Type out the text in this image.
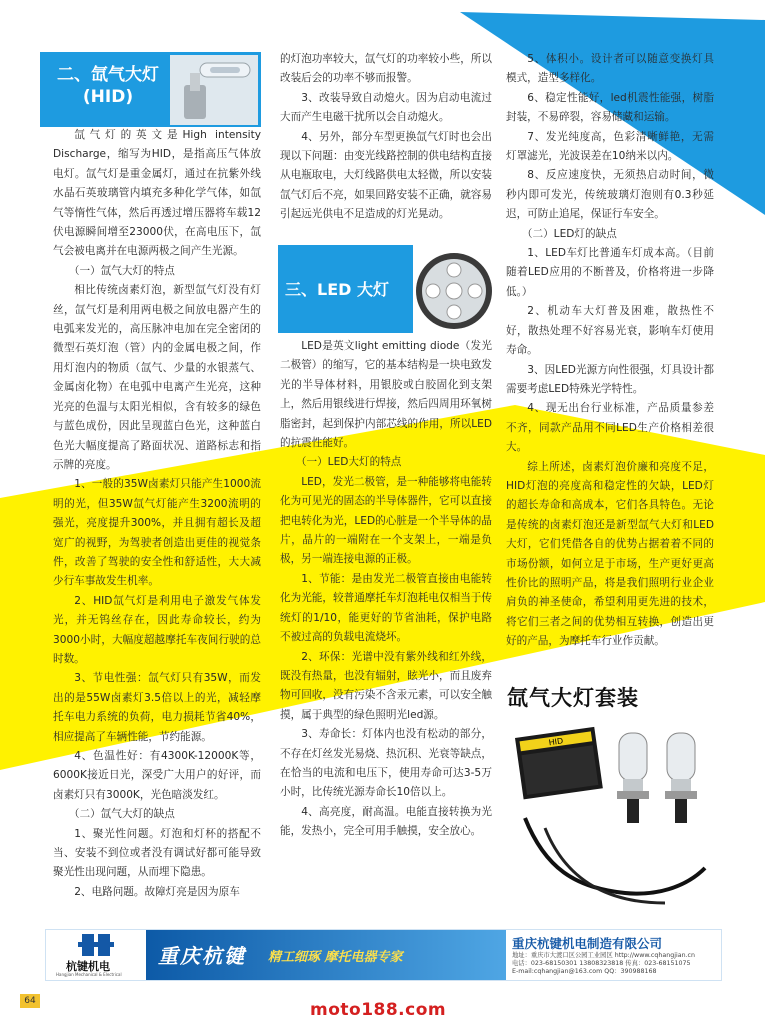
二、氙气大灯
(HID)
三、LED 大灯

氙气灯的英文是High intensity Discharge，缩写为HID，是指高压气体放电灯。氙气灯是重金属灯，通过在抗紫外线水晶石英玻璃管内填充多种化学气体，如氙气等惰性气体，然后再透过增压器将车载12伏电源瞬间增至23000伏，在高电压下，氙气会被电离并在电源两极之间产生光源。

（一）氙气大灯的特点

相比传统卤素灯泡，新型氙气灯没有灯丝，氙气灯是利用两电极之间放电器产生的电弧来发光的，高压脉冲电加在完全密闭的微型石英灯泡（管）内的金属电极之间，作用灯泡内的物质（氙气、少量的水银蒸气、金属卤化物）在电弧中电离产生光亮，这种光亮的色温与太阳光相似，含有较多的绿色与蓝色成份，因此呈现蓝白色光，这种蓝白色光大幅度提高了路面状况、道路标志和指示牌的亮度。

1、一般的35W卤素灯只能产生1000流明的光，但35W氙气灯能产生3200流明的强光，亮度提升300%，并且拥有超长及超宽广的视野，为驾驶者创造出更佳的视觉条件，改善了驾驶的安全性和舒适性，大大减少行车事故发生机率。

2、HID氙气灯是利用电子激发气体发光，并无钨丝存在，因此寿命较长，约为3000小时，大幅度超越摩托车夜间行驶的总时数。

3、节电性强：氙气灯只有35W，而发出的是55W卤素灯3.5倍以上的光，减轻摩托车电力系统的负荷，电力损耗节省40%，相应提高了车辆性能，节约能源。

4、色温性好：有4300K-12000K等，6000K接近日光，深受广大用户的好评，而卤素灯只有3000K，光色暗淡发红。

（二）氙气大灯的缺点

1、聚光性问题。灯泡和灯杯的搭配不当、安装不到位或者没有调试好都可能导致聚光性出现问题，从而埋下隐患。

2、电路问题。故障灯亮是因为原车

的灯泡功率较大，氙气灯的功率较小些，所以改装后会的功率不够而报警。

3、改装导致自动熄火。因为启动电流过大而产生电磁干扰所以会自动熄火。

4、另外，部分车型更换氙气灯时也会出现以下问题：由变光线路控制的供电结构直接从电瓶取电，大灯线路供电太轻微，所以安装氙气灯后不亮，如果回路安装不正确，就容易引起远光供电不足造成的灯光晃动。

LED是英文light emitting diode（发光二极管）的缩写，它的基本结构是一块电致发光的半导体材料，用银胶或白胶固化到支架上，然后用银线进行焊接，然后四周用环氧树脂密封，起到保护内部芯线的作用，所以LED的抗震性能好。

（一）LED大灯的特点

LED，发光二极管，是一种能够将电能转化为可见光的固态的半导体器件，它可以直接把电转化为光，LED的心脏是一个半导体的晶片，晶片的一端附在一个支架上，一端是负极，另一端连接电源的正极。

1、节能：是由发光二极管直接由电能转化为光能，较普通摩托车灯泡耗电仅相当于传统灯的1/10，能更好的节省油耗，保护电路不被过高的负载电流烧坏。

2、环保：光谱中没有紫外线和红外线，既没有热量，也没有辐射，眩光小，而且废弃物可回收，没有污染不含汞元素，可以安全触摸，属于典型的绿色照明光led源。

3、寿命长：灯体内也没有松动的部分，不存在灯丝发光易烧、热沉积、光衰等缺点，在恰当的电流和电压下，使用寿命可达3-5万小时，比传统光源寿命长10倍以上。

4、高亮度，耐高温。电能直接转换为光能，发热小，完全可用手触摸，安全放心。

5、体积小。设计者可以随意变换灯具模式，造型多样化。

6、稳定性能好，led机震性能强，树脂封装，不易碎裂，容易储藏和运输。

7、发光纯度高，色彩清晰鲜艳，无需灯罩滤光，光波误差在10纳米以内。

8、反应速度快，无须热启动时间，微秒内即可发光，传统玻璃灯泡则有0.3秒延迟，可防止追尾，保证行车安全。

（二）LED灯的缺点

1、LED车灯比普通车灯成本高。（目前随着LED应用的不断普及，价格将进一步降低。）

2、机动车大灯普及困难，散热性不好，散热处理不好容易光衰，影响车灯使用寿命。

3、因LED光源方向性很强，灯具设计都需要考虑LED特殊光学特性。

4、现无出台行业标准，产品质量参差不齐，同款产品用不同LED生产价格相差很大。

综上所述，卤素灯泡价廉和亮度不足，HID灯泡的亮度高和稳定性的欠缺，LED灯的超长寿命和高成本，它们各具特色。无论是传统的卤素灯泡还是新型氙气大灯和LED大灯，它们凭借各自的优势占据着着不同的市场份额，如何立足于市场，生产更好更高性价比的照明产品，将是我们照明行业企业肩负的神圣使命，希望利用更先进的技术，将它们三者之间的优势相互转换，创造出更好的产品，为摩托车行业作贡献。

氙气大灯套装
HID
杭键机电
Hangjian Mechanical & Electrical
重庆杭键 精工细琢 摩托电器专家
重庆杭键机电制造有限公司
地址：重庆市大渡口区公园工业园区 http://www.cqhangjian.cn
电话：023-68150301 13808323818 传真：023-68151075
E-mail:cqhangjian@163.com QQ：390988168
64	moto188.com
